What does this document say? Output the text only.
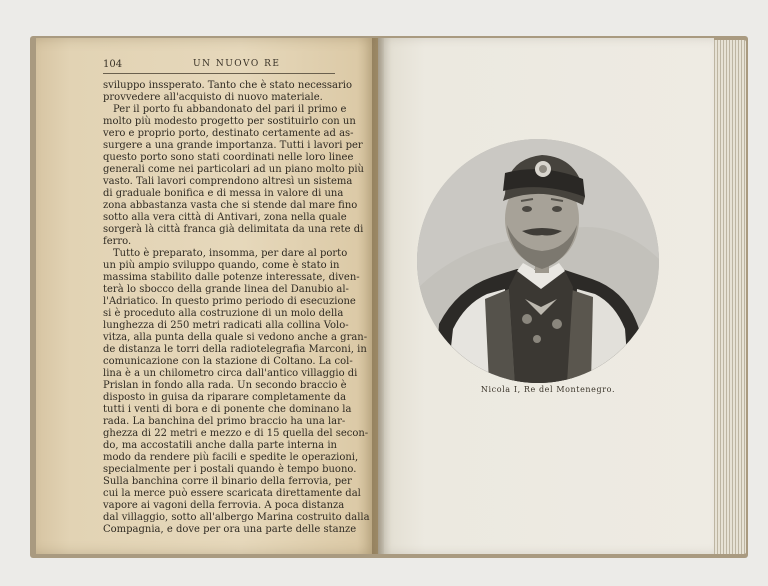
104	UN NUOVO RE
sviluppo inssperato. Tanto che è stato necessario
provvedere all'acquisto di nuovo materiale.
Per il porto fu abbandonato del pari il primo e
molto più modesto progetto per sostituirlo con un
vero e proprio porto, destinato certamente ad as-
surgere a una grande importanza. Tutti i lavori per
questo porto sono stati coordinati nelle loro linee
generali come nei particolari ad un piano molto più
vasto. Tali lavori comprendono altresì un sistema
di graduale bonifica e di messa in valore di una
zona abbastanza vasta che si stende dal mare fino
sotto alla vera città di Antivari, zona nella quale
sorgerà là città franca già delimitata da una rete di
ferro.
Tutto è preparato, insomma, per dare al porto
un più ampio sviluppo quando, come è stato in
massima stabilito dalle potenze interessate, diven-
terà lo sbocco della grande linea del Danubio al-
l'Adriatico. In questo primo periodo di esecuzione
si è proceduto alla costruzione di un molo della
lunghezza di 250 metri radicati alla collina Volo-
vitza, alla punta della quale si vedono anche a gran-
de distanza le torri della radiotelegrafia Marconi, in
comunicazione con la stazione di Coltano. La col-
lina è a un chilometro circa dall'antico villaggio di
Prislan in fondo alla rada. Un secondo braccio è
disposto in guisa da riparare completamente da
tutti i venti di bora e di ponente che dominano la
rada. La banchina del primo braccio ha una lar-
ghezza di 22 metri e mezzo e di 15 quella del secon-
do, ma accostatili anche dalla parte interna in
modo da rendere più facili e spedite le operazioni,
specialmente per i postali quando è tempo buono.
Sulla banchina corre il binario della ferrovia, per
cui la merce può essere scaricata direttamente dal
vapore ai vagoni della ferrovia. A poca distanza
dal villaggio, sotto all'albergo Marina costruito dalla
Compagnia, e dove per ora una parte delle stanze
Nicola I, Re del Montenegro.
